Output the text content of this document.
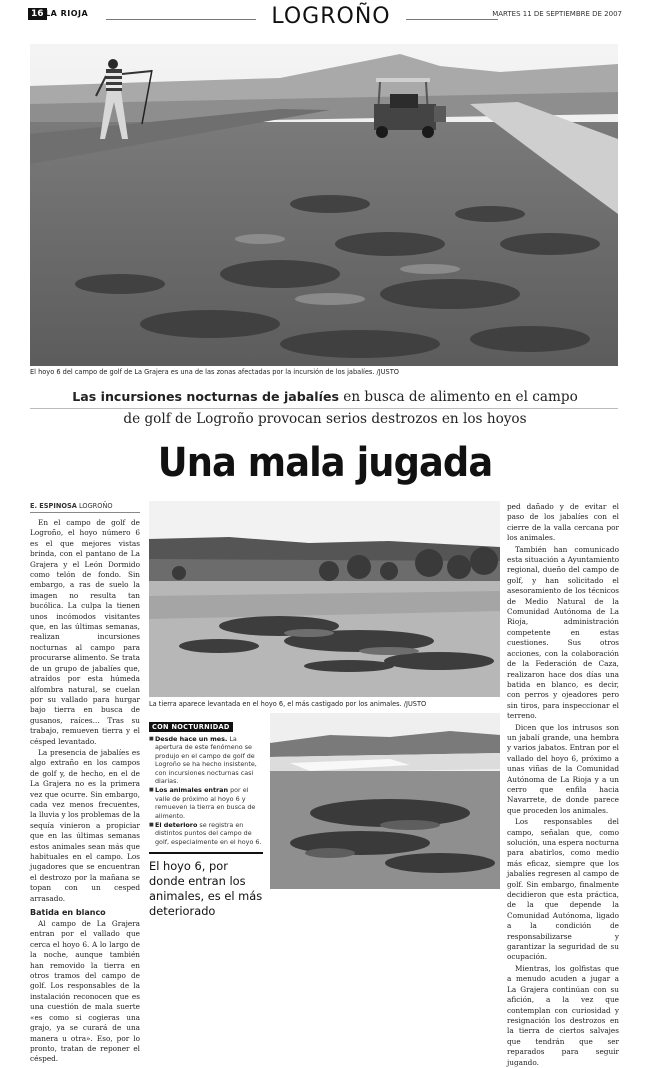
16 LA RIOJA	LOGROÑO	MARTES 11 DE SEPTIEMBRE DE 2007
El hoyo 6 del campo de golf de La Grajera es una de las zonas afectadas por la incursión de los jabalíes. /JUSTO
Las incursiones nocturnas de jabalíes en busca de alimento en el campo
de golf de Logroño provocan serios destrozos en los hoyos
Una mala jugada
E. ESPINOSA LOGROÑO

En el campo de golf de Logroño, el hoyo número 6 es el que mejores vistas brinda, con el pantano de La Grajera y el León Dormido como telón de fondo. Sin embargo, a ras de suelo la imagen no resulta tan bucólica. La culpa la tienen unos incómodos visitantes que, en las últimas semanas, realizan incursiones nocturnas al campo para procurarse alimento. Se trata de un grupo de jabalíes que, atraídos por esta húmeda alfombra natural, se cuelan por su vallado para hurgar bajo tierra en busca de gusanos, raíces... Tras su trabajo, remueven tierra y el césped levantado.

La presencia de jabalíes es algo extraño en los campos de golf y, de hecho, en el de La Grajera no es la primera vez que ocurre. Sin embargo, cada vez menos frecuentes, la lluvia y los problemas de la sequía vinieron a propiciar que en las últimas semanas estos animales sean más que habituales en el campo. Los jugadores que se encuentran el destrozo por la mañana se topan con un cesped arrasado.

Batida en blanco

Al campo de La Grajera entran por el vallado que cerca el hoyo 6. A lo largo de la noche, aunque también han removido la tierra en otros tramos del campo de golf. Los responsables de la instalación reconocen que es una cuestión de mala suerte «es como si cogieras una grajo, ya se curará de una manera u otra». Eso, por lo pronto, tratan de reponer el césped.

La tierra aparece levantada en el hoyo 6, el más castigado por los animales. /JUSTO
CON NOCTURNIDAD
■ Desde hace un mes. La apertura de este fenómeno se produjo en el campo de golf de Logroño se ha hecho insistente, con incursiones nocturnas casi diarias.
■ Los animales entran por el valle de próximo al hoyo 6 y remueven la tierra en busca de alimento.
■ El deterioro se registra en distintos puntos del campo de golf, especialmente en el hoyo 6.
El hoyo 6, por donde entran los animales, es el más deteriorado

ped dañado y de evitar el paso de los jabalíes con el cierre de la valla cercana por los animales.

También han comunicado esta situación a Ayuntamiento regional, dueño del campo de golf, y han solicitado el asesoramiento de los técnicos de Medio Natural de la Comunidad Autónoma de La Rioja, administración competente en estas cuestiones. Sus otros acciones, con la colaboración de la Federación de Caza, realizaron hace dos días una batida en blanco, es decir, con perros y ojeadores pero sin tiros, para inspeccionar el terreno.

Dicen que los intrusos son un jabalí grande, una hembra y varios jabatos. Entran por el vallado del hoyo 6, próximo a unas viñas de la Comunidad Autónoma de La Rioja y a un cerro que enfila hacia Navarrete, de donde parece que proceden los animales.

Los responsables del campo, señalan que, como solución, una espera nocturna para abatirlos, como medio más eficaz, siempre que los jabalíes regresen al campo de golf. Sin embargo, finalmente decidieron que esta práctica, de la que depende la Comunidad Autónoma, ligado a la condición de responsabilizarse y garantizar la seguridad de su ocupación.

Mientras, los golfistas que a menudo acuden a jugar a La Grajera continúan con su afición, a la vez que contemplan con curiosidad y resignación los destrozos en la tierra de ciertos salvajes que tendrán que ser reparados para seguir jugando.
